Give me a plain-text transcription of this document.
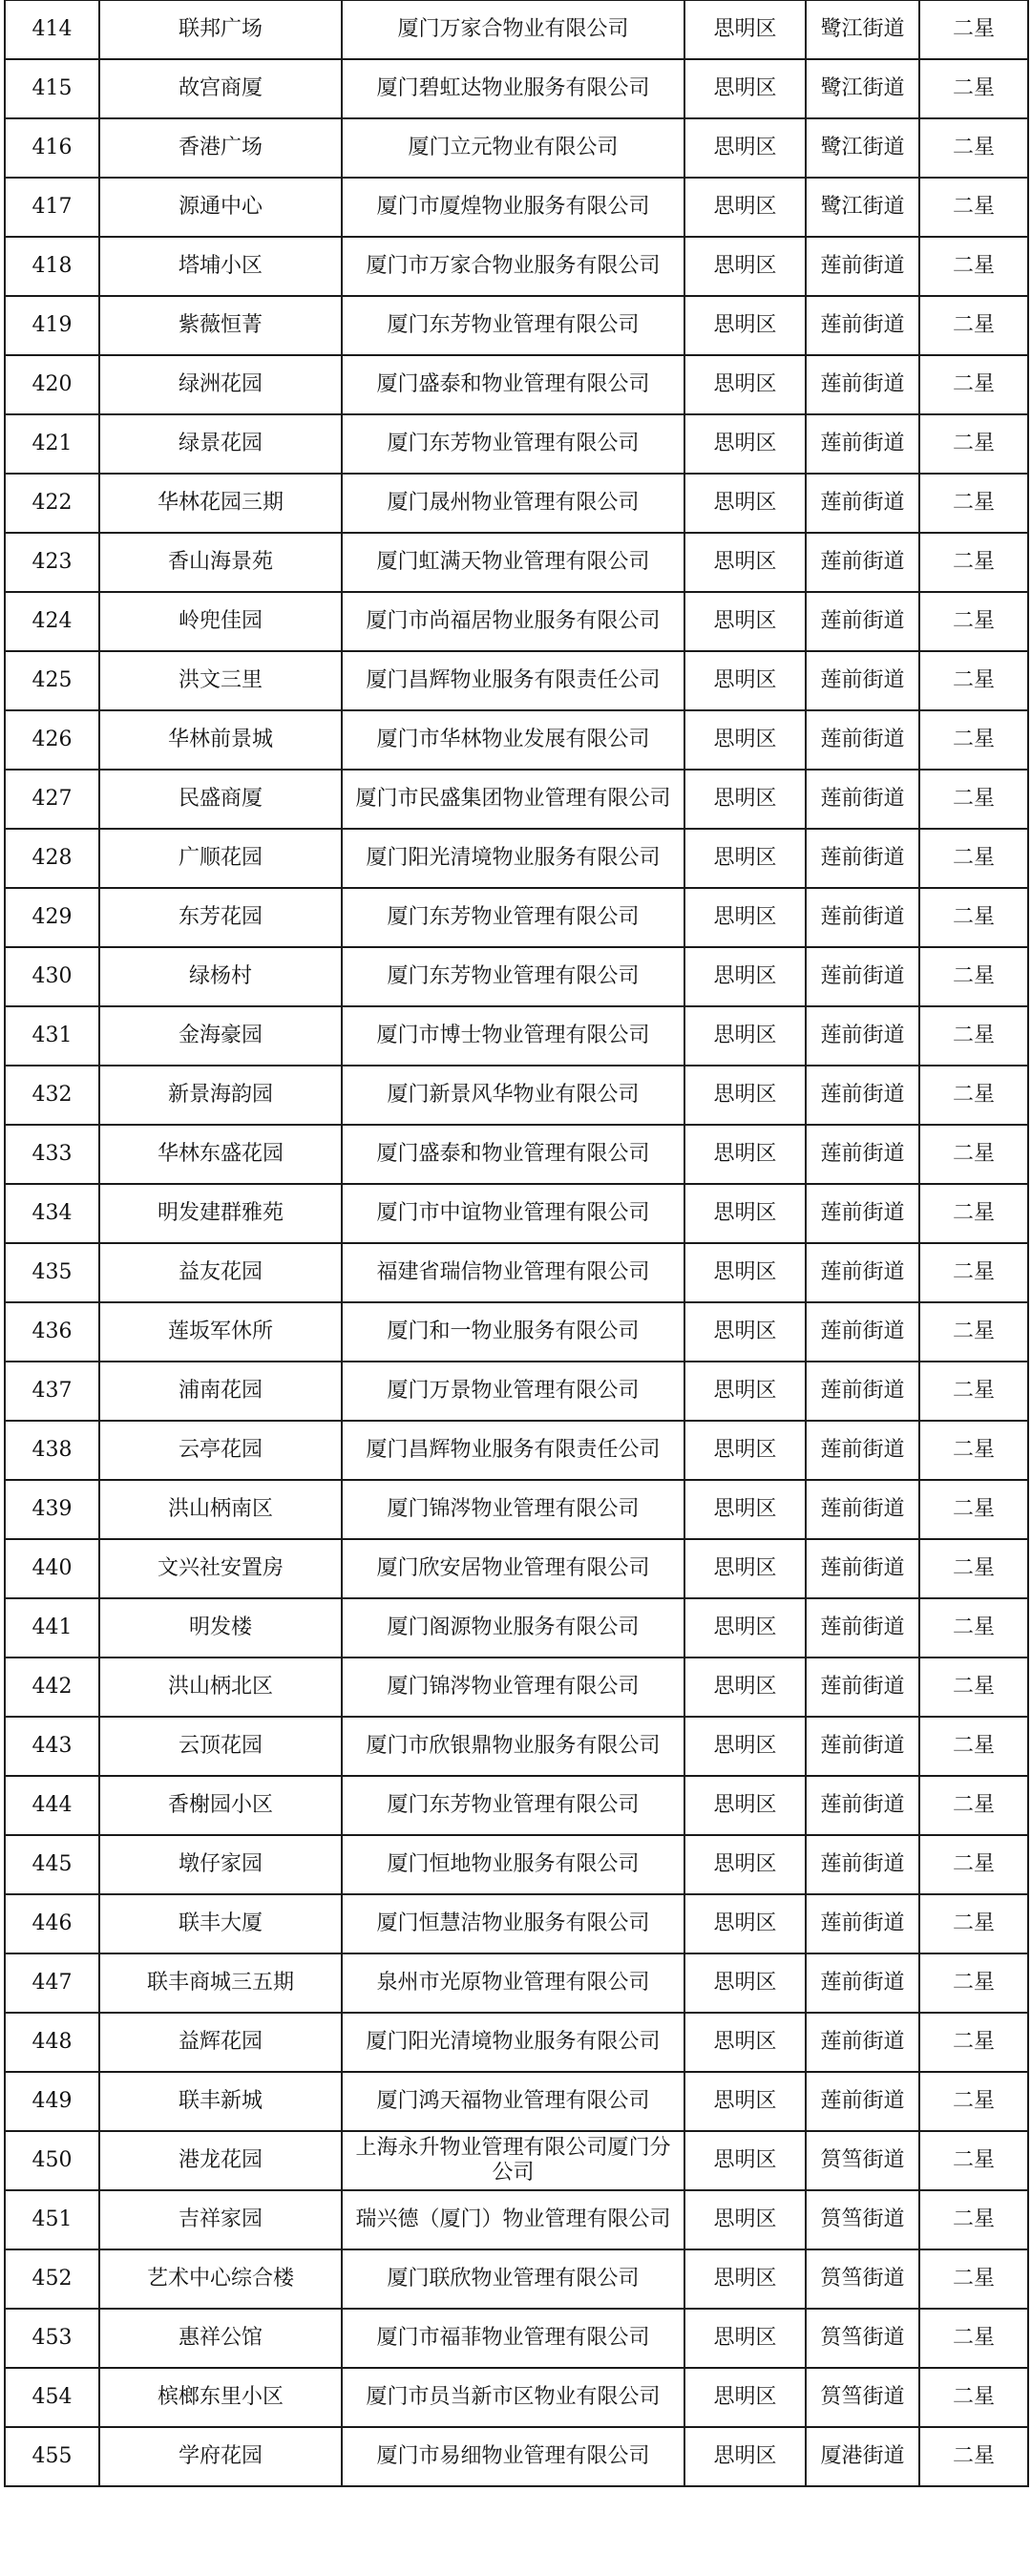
414	联邦广场	厦门万家合物业有限公司	思明区	鹭江街道	二星
415	故宫商厦	厦门碧虹达物业服务有限公司	思明区	鹭江街道	二星
416	香港广场	厦门立元物业有限公司	思明区	鹭江街道	二星
417	源通中心	厦门市厦煌物业服务有限公司	思明区	鹭江街道	二星
418	塔埔小区	厦门市万家合物业服务有限公司	思明区	莲前街道	二星
419	紫薇恒菁	厦门东芳物业管理有限公司	思明区	莲前街道	二星
420	绿洲花园	厦门盛泰和物业管理有限公司	思明区	莲前街道	二星
421	绿景花园	厦门东芳物业管理有限公司	思明区	莲前街道	二星
422	华林花园三期	厦门晟州物业管理有限公司	思明区	莲前街道	二星
423	香山海景苑	厦门虹满天物业管理有限公司	思明区	莲前街道	二星
424	岭兜佳园	厦门市尚福居物业服务有限公司	思明区	莲前街道	二星
425	洪文三里	厦门昌辉物业服务有限责任公司	思明区	莲前街道	二星
426	华林前景城	厦门市华林物业发展有限公司	思明区	莲前街道	二星
427	民盛商厦	厦门市民盛集团物业管理有限公司	思明区	莲前街道	二星
428	广顺花园	厦门阳光清境物业服务有限公司	思明区	莲前街道	二星
429	东芳花园	厦门东芳物业管理有限公司	思明区	莲前街道	二星
430	绿杨村	厦门东芳物业管理有限公司	思明区	莲前街道	二星
431	金海豪园	厦门市博士物业管理有限公司	思明区	莲前街道	二星
432	新景海韵园	厦门新景风华物业有限公司	思明区	莲前街道	二星
433	华林东盛花园	厦门盛泰和物业管理有限公司	思明区	莲前街道	二星
434	明发建群雅苑	厦门市中谊物业管理有限公司	思明区	莲前街道	二星
435	益友花园	福建省瑞信物业管理有限公司	思明区	莲前街道	二星
436	莲坂军休所	厦门和一物业服务有限公司	思明区	莲前街道	二星
437	浦南花园	厦门万景物业管理有限公司	思明区	莲前街道	二星
438	云亭花园	厦门昌辉物业服务有限责任公司	思明区	莲前街道	二星
439	洪山柄南区	厦门锦涔物业管理有限公司	思明区	莲前街道	二星
440	文兴社安置房	厦门欣安居物业管理有限公司	思明区	莲前街道	二星
441	明发楼	厦门阁源物业服务有限公司	思明区	莲前街道	二星
442	洪山柄北区	厦门锦涔物业管理有限公司	思明区	莲前街道	二星
443	云顶花园	厦门市欣银鼎物业服务有限公司	思明区	莲前街道	二星
444	香榭园小区	厦门东芳物业管理有限公司	思明区	莲前街道	二星
445	墩仔家园	厦门恒地物业服务有限公司	思明区	莲前街道	二星
446	联丰大厦	厦门恒慧洁物业服务有限公司	思明区	莲前街道	二星
447	联丰商城三五期	泉州市光原物业管理有限公司	思明区	莲前街道	二星
448	益辉花园	厦门阳光清境物业服务有限公司	思明区	莲前街道	二星
449	联丰新城	厦门鸿天福物业管理有限公司	思明区	莲前街道	二星
450	港龙花园	上海永升物业管理有限公司厦门分公司	思明区	筼筜街道	二星
451	吉祥家园	瑞兴德（厦门）物业管理有限公司	思明区	筼筜街道	二星
452	艺术中心综合楼	厦门联欣物业管理有限公司	思明区	筼筜街道	二星
453	惠祥公馆	厦门市福菲物业管理有限公司	思明区	筼筜街道	二星
454	槟榔东里小区	厦门市员当新市区物业有限公司	思明区	筼筜街道	二星
455	学府花园	厦门市易细物业管理有限公司	思明区	厦港街道	二星
